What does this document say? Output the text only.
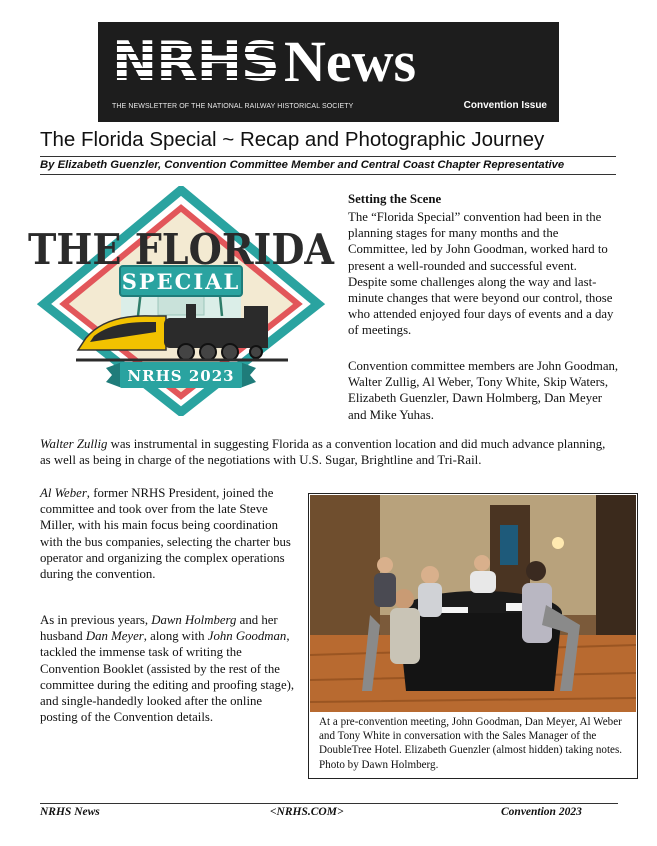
NRHS News
THE NEWSLETTER OF THE NATIONAL RAILWAY HISTORICAL SOCIETY	Convention Issue
The Florida Special ~ Recap and Photographic Journey
By Elizabeth Guenzler, Convention Committee Member and Central Coast Chapter Representative
SPECIAL
THE FLORIDA
NRHS 2023
Setting the Scene
The “Florida Special” convention had been in the planning stages for many months and the Committee, led by John Goodman, worked hard to present a well-rounded and successful event. Despite some challenges along the way and last-minute changes that were beyond our control, those who attended enjoyed four days of events and a day of meetings.
Convention committee members are John Goodman, Walter Zullig, Al Weber, Tony White, Skip Waters, Elizabeth Guenzler, Dawn Holmberg, Dan Meyer and Mike Yuhas.
Walter Zullig was instrumental in suggesting Florida as a convention location and did much advance planning, as well as being in charge of the negotiations with U.S. Sugar, Brightline and Tri-Rail.
Al Weber, former NRHS President, joined the committee and took over from the late Steve Miller, with his main focus being coordination with the bus companies, selecting the charter bus operator and organizing the complex operations during the convention.
As in previous years, Dawn Holmberg and her husband Dan Meyer, along with John Goodman, tackled the immense task of writing the Convention Booklet (assisted by the rest of the committee during the editing and proofing stage), and single-handedly looked after the online posting of the Convention details.	At a pre-convention meeting, John Goodman, Dan Meyer, Al Weber and Tony White in conversation with the Sales Manager of the DoubleTree Hotel. Elizabeth Guenzler (almost hidden) taking notes. Photo by Dawn Holmberg.
NRHS News	<NRHS.COM>	Convention 2023
